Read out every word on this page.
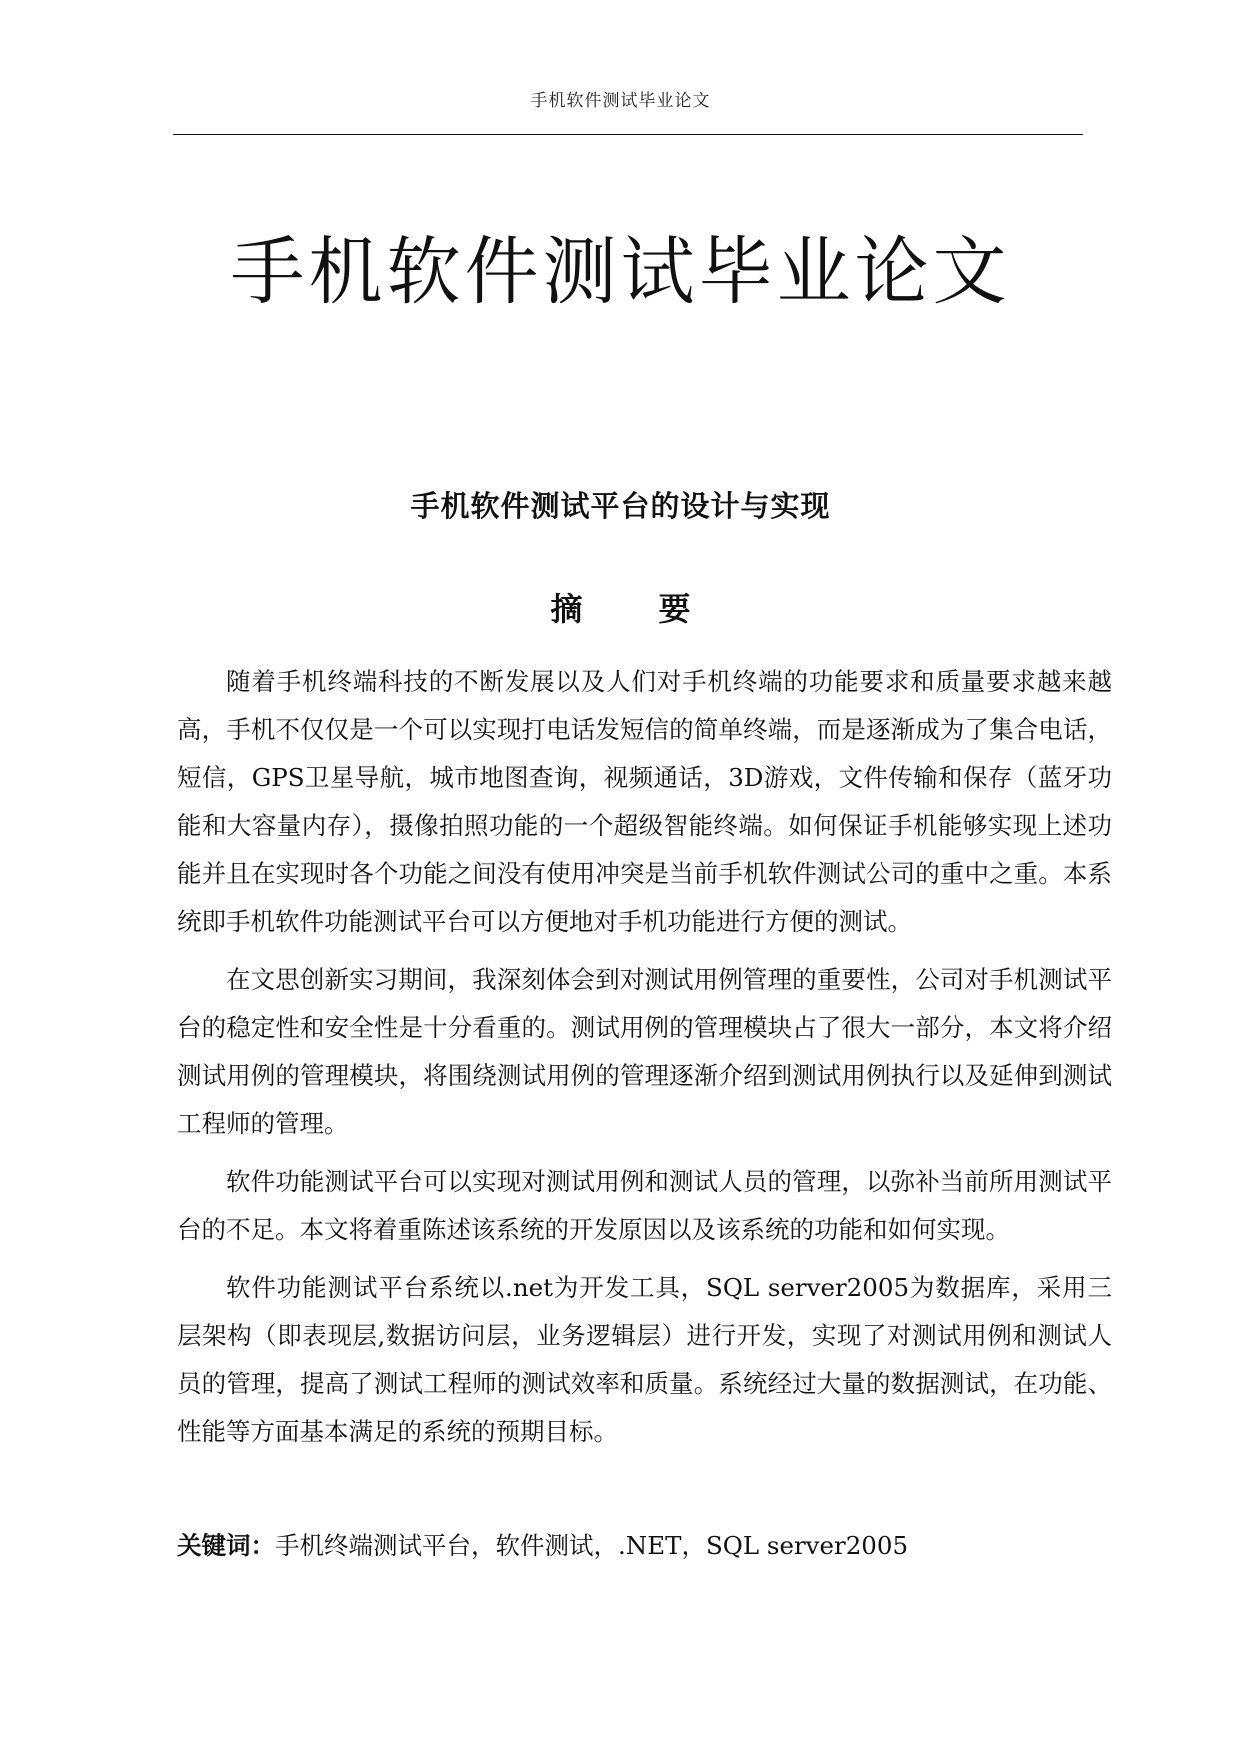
手机软件测试毕业论文
手机软件测试毕业论文
手机软件测试平台的设计与实现
摘 要

随着手机终端科技的不断发展以及人们对手机终端的功能要求和质量要求越来越高，手机不仅仅是一个可以实现打电话发短信的简单终端，而是逐渐成为了集合电话，短信，GPS卫星导航，城市地图查询，视频通话，3D游戏，文件传输和保存（蓝牙功能和大容量内存），摄像拍照功能的一个超级智能终端。如何保证手机能够实现上述功能并且在实现时各个功能之间没有使用冲突是当前手机软件测试公司的重中之重。本系统即手机软件功能测试平台可以方便地对手机功能进行方便的测试。

在文思创新实习期间，我深刻体会到对测试用例管理的重要性，公司对手机测试平台的稳定性和安全性是十分看重的。测试用例的管理模块占了很大一部分，本文将介绍测试用例的管理模块，将围绕测试用例的管理逐渐介绍到测试用例执行以及延伸到测试工程师的管理。

软件功能测试平台可以实现对测试用例和测试人员的管理，以弥补当前所用测试平台的不足。本文将着重陈述该系统的开发原因以及该系统的功能和如何实现。

软件功能测试平台系统以.net为开发工具，SQL server2005为数据库，采用三层架构（即表现层,数据访问层，业务逻辑层）进行开发，实现了对测试用例和测试人员的管理，提高了测试工程师的测试效率和质量。系统经过大量的数据测试，在功能、性能等方面基本满足的系统的预期目标。

关键词：手机终端测试平台，软件测试，.NET，SQL server2005
